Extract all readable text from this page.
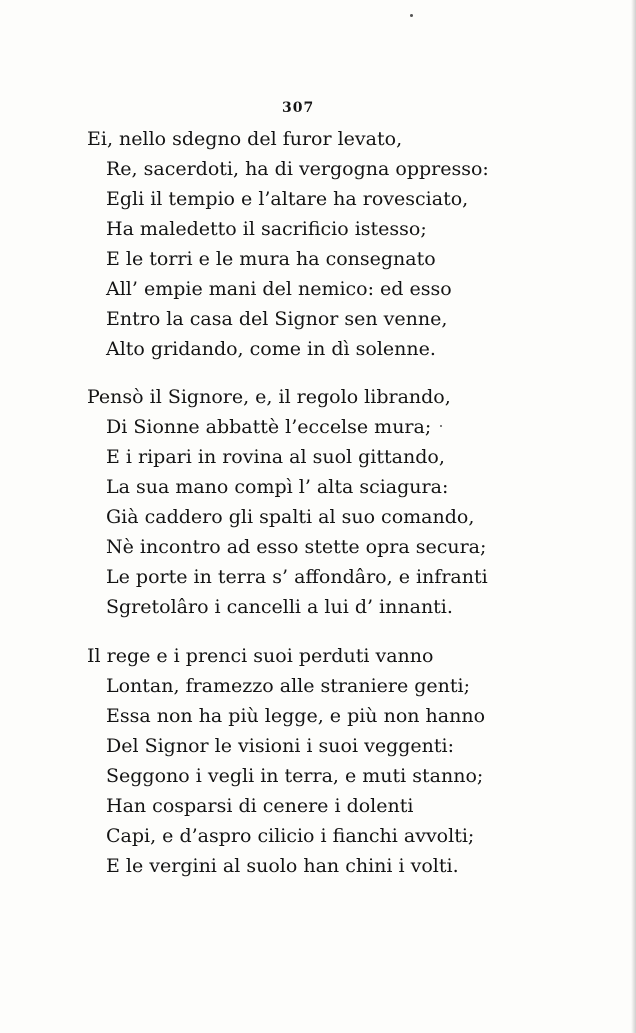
307
Ei, nello sdegno del furor levato,
Re, sacerdoti, ha di vergogna oppresso:
Egli il tempio e l’altare ha rovesciato,
Ha maledetto il sacrificio istesso;
E le torri e le mura ha consegnato
All’ empie mani del nemico: ed esso
Entro la casa del Signor sen venne,
Alto gridando, come in dì solenne.
Pensò il Signore, e, il regolo librando,
Di Sionne abbattè l’eccelse mura;
E i ripari in rovina al suol gittando,
La sua mano compì l’ alta sciagura:
Già caddero gli spalti al suo comando,
Nè incontro ad esso stette opra secura;
Le porte in terra s’ affondâro, e infranti
Sgretolâro i cancelli a lui d’ innanti.
Il rege e i prenci suoi perduti vanno
Lontan, framezzo alle straniere genti;
Essa non ha più legge, e più non hanno
Del Signor le visioni i suoi veggenti:
Seggono i vegli in terra, e muti stanno;
Han cosparsi di cenere i dolenti
Capi, e d’aspro cilicio i fianchi avvolti;
E le vergini al suolo han chini i volti.
